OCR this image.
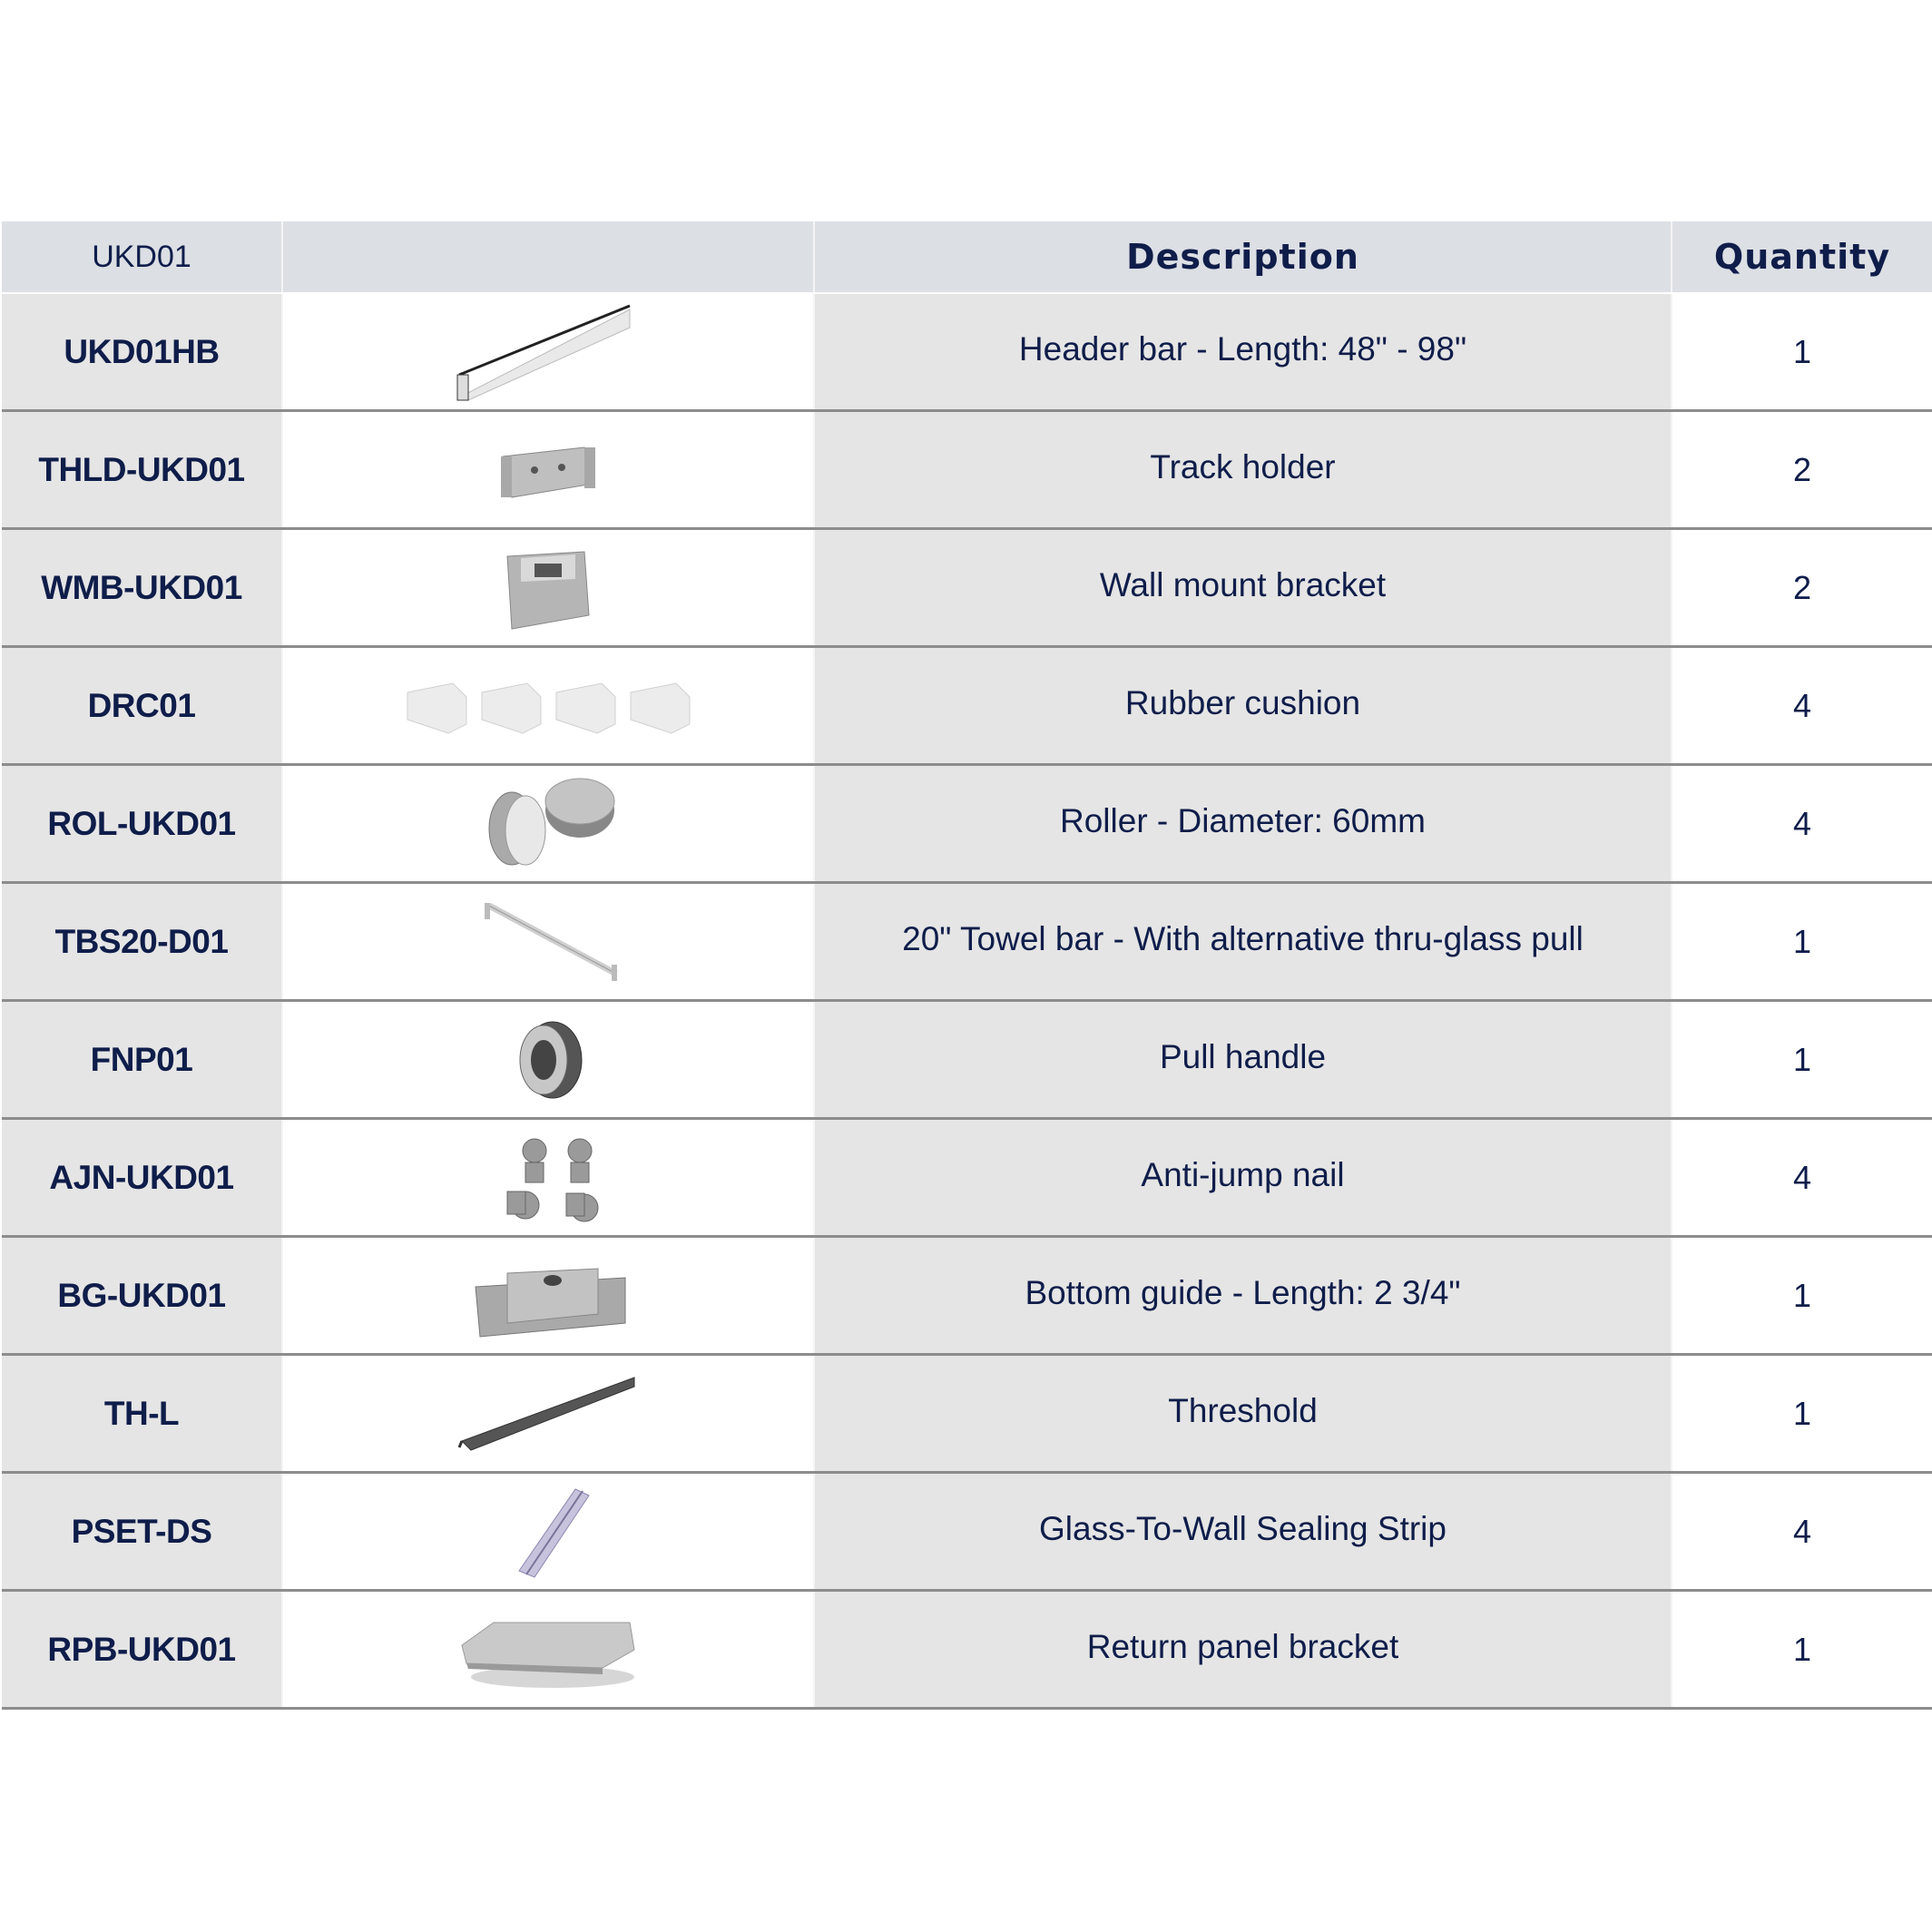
UKD01	Description	Quantity
UKD01HB	Header bar - Length: 48" - 98"	1
THLD-UKD01	Track holder	2
WMB-UKD01	Wall mount bracket	2
DRC01	Rubber cushion	4
ROL-UKD01	Roller - Diameter: 60mm	4
TBS20-D01	20" Towel bar - With alternative thru-glass pull	1
FNP01	Pull handle	1
AJN-UKD01	Anti-jump nail	4
BG-UKD01	Bottom guide - Length: 2 3/4"	1
TH-L	Threshold	1
PSET-DS	Glass-To-Wall Sealing Strip	4
RPB-UKD01	Return panel bracket	1
